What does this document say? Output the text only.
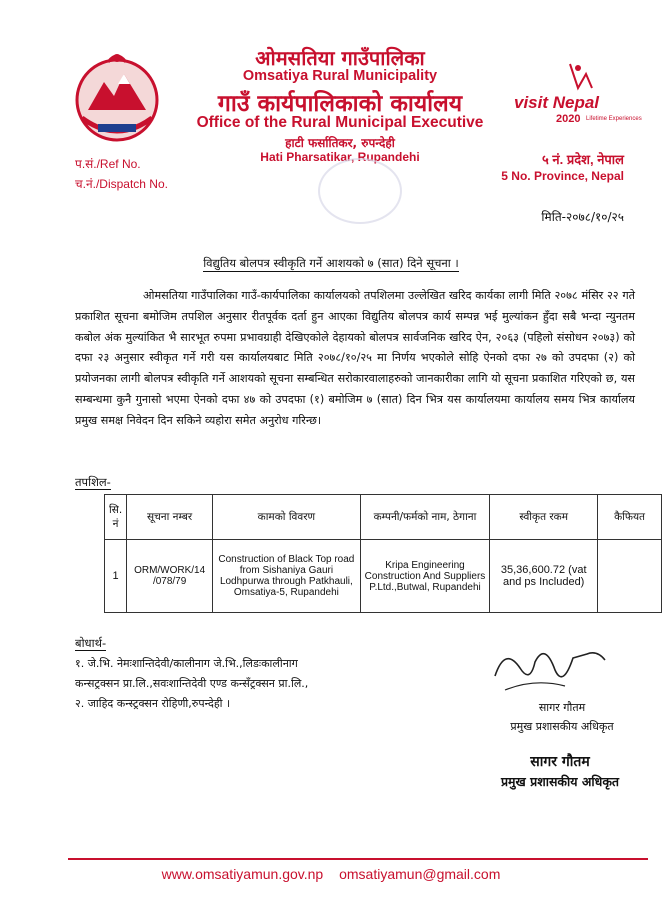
ओमसतिया गाउँपालिका
Omsatiya Rural Municipality
गाउँ कार्यपालिकाको कार्यालय
Office of the Rural Municipal Executive
हाटी फर्सातिकर, रुपन्देही
Hati Pharsatikar, Rupandehi
visit Nepal
2020 Lifetime Experiences
प.सं./Ref No.
च.नं./Dispatch No.
५ नं. प्रदेश, नेपाल
5 No. Province, Nepal
मिति-२०७८/१०/२५
विद्युतिय बोलपत्र स्वीकृति गर्ने आशयको ७ (सात) दिने सूचना ।

ओमसतिया गाउँपालिका गाउँ-कार्यपालिका कार्यालयको तपशिलमा उल्लेखित खरिद कार्यका लागी मिति २०७८ मंसिर २२ गते प्रकाशित सूचना बमोजिम तपशिल अनुसार रीतपूर्वक दर्ता हुन आएका विद्युतिय बोलपत्र कार्य सम्पन्न भई मुल्यांकन हुँदा सबै भन्दा न्युनतम कबोल अंक मुल्यांकित भै सारभूत रुपमा प्रभावग्राही देखिएकोले देहायको बोलपत्र सार्वजनिक खरिद ऐन, २०६३ (पहिलो संसोधन २०७३) को दफा २३ अनुसार स्वीकृत गर्ने गरी यस कार्यालयबाट मिति २०७८/१०/२५ मा निर्णय भएकोले सोहि ऐनको दफा २७ को उपदफा (२) को प्रयोजनका लागी बोलपत्र स्वीकृति गर्ने आशयको सूचना सम्बन्धित सरोकारवालाहरुको जानकारीका लागि यो सूचना प्रकाशित गरिएको छ, यस सम्बन्धमा कुनै गुनासो भएमा ऐनको दफा ४७ को उपदफा (१) बमोजिम ७ (सात) दिन भित्र यस कार्यालयमा कार्यालय समय भित्र कार्यालय प्रमुख समक्ष निवेदन दिन सकिने व्यहोरा समेत अनुरोध गरिन्छ।

तपशिल-
सि. नं	सूचना नम्बर	कामको विवरण	कम्पनी/फर्मको नाम, ठेगाना	स्वीकृत रकम	कैफियत
1	ORM/WORK/14 /078/79	Construction of Black Top road from Sishaniya Gauri Lodhpurwa through Patkhauli, Omsatiya-5, Rupandehi	Kripa Engineering Construction And Suppliers P.Ltd.,Butwal, Rupandehi	35,36,600.72 (vat and ps Included)	
बोधार्थ-
१. जे.भि. नेमःशान्तिदेवी/कालीनाग जे.भि.,लिडःकालीनाग
कन्सट्रक्सन प्रा.लि.,सवःशान्तिदेवी एण्ड कन्सँट्रक्सन प्रा.लि.,
२. जाहिद कन्स्ट्रक्सन रोहिणी,रुपन्देही ।	सागर गौतम
प्रमुख प्रशासकीय अधिकृत
सागर गौतम
प्रमुख प्रशासकीय अधिकृत
www.omsatiyamun.gov.np omsatiyamun@gmail.com
